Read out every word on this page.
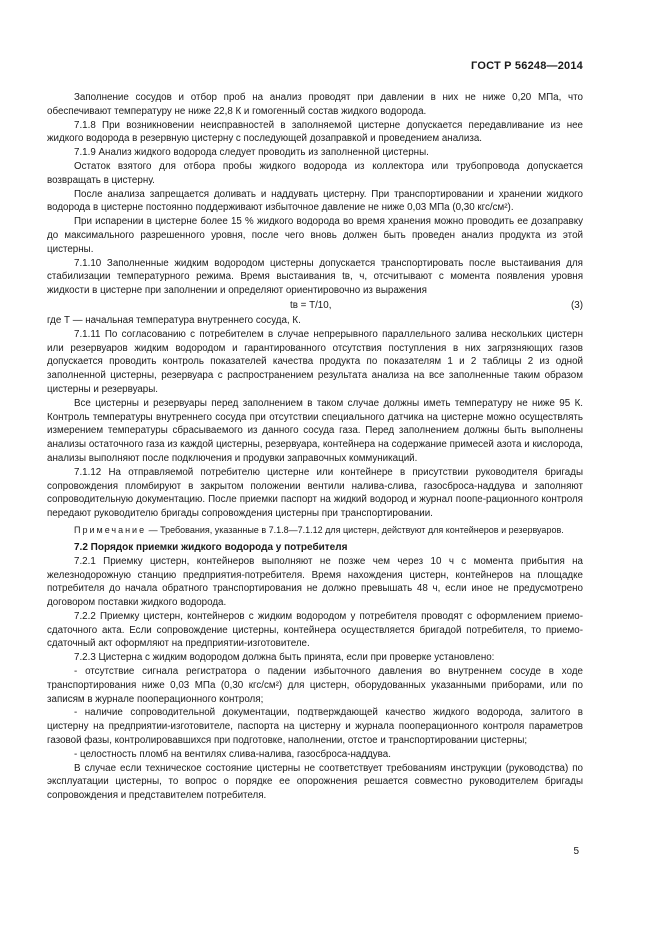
ГОСТ Р 56248—2014

Заполнение сосудов и отбор проб на анализ проводят при давлении в них не ниже 0,20 МПа, что обеспечивают температуру не ниже 22,8 К и гомогенный состав жидкого водорода.

7.1.8 При возникновении неисправностей в заполняемой цистерне допускается передавливание из нее жидкого водорода в резервную цистерну с последующей дозаправкой и проведением анализа.

7.1.9 Анализ жидкого водорода следует проводить из заполненной цистерны.

Остаток взятого для отбора пробы жидкого водорода из коллектора или трубопровода допускается возвращать в цистерну.

После анализа запрещается доливать и наддувать цистерну. При транспортировании и хранении жидкого водорода в цистерне постоянно поддерживают избыточное давление не ниже 0,03 МПа (0,30 кгс/см²).

При испарении в цистерне более 15 % жидкого водорода во время хранения можно проводить ее дозаправку до максимального разрешенного уровня, после чего вновь должен быть проведен анализ продукта из этой цистерны.

7.1.10 Заполненные жидким водородом цистерны допускается транспортировать после выстаивания для стабилизации температурного режима. Время выстаивания tв, ч, отсчитывают с момента появления уровня жидкости в цистерне при заполнении и определяют ориентировочно из выражения

tв = T/10,	(3)

где Т — начальная температура внутреннего сосуда, К.

7.1.11 По согласованию с потребителем в случае непрерывного параллельного залива нескольких цистерн или резервуаров жидким водородом и гарантированного отсутствия поступления в них загрязняющих газов допускается проводить контроль показателей качества продукта по показателям 1 и 2 таблицы 2 из одной заполненной цистерны, резервуара с распространением результата анализа на все заполненные таким образом цистерны и резервуары.

Все цистерны и резервуары перед заполнением в таком случае должны иметь температуру не ниже 95 К. Контроль температуры внутреннего сосуда при отсутствии специального датчика на цистерне можно осуществлять измерением температуры сбрасываемого из данного сосуда газа. Перед заполнением должны быть выполнены анализы остаточного газа из каждой цистерны, резервуара, контейнера на содержание примесей азота и кислорода, анализы выполняют после подключения и продувки заправочных коммуникаций.

7.1.12 На отправляемой потребителю цистерне или контейнере в присутствии руководителя бригады сопровождения пломбируют в закрытом положении вентили налива-слива, газосброса-наддува и заполняют сопроводительную документацию. После приемки паспорт на жидкий водород и журнал поопе-рационного контроля передают руководителю бригады сопровождения цистерны при транспортировании.

Примечание — Требования, указанные в 7.1.8—7.1.12 для цистерн, действуют для контейнеров и резервуаров.

7.2 Порядок приемки жидкого водорода у потребителя

7.2.1 Приемку цистерн, контейнеров выполняют не позже чем через 10 ч с момента прибытия на железнодорожную станцию предприятия-потребителя. Время нахождения цистерн, контейнеров на площадке потребителя до начала обратного транспортирования не должно превышать 48 ч, если иное не предусмотрено договором поставки жидкого водорода.

7.2.2 Приемку цистерн, контейнеров с жидким водородом у потребителя проводят с оформлением приемо-сдаточного акта. Если сопровождение цистерны, контейнера осуществляется бригадой потребителя, то приемо-сдаточный акт оформляют на предприятии-изготовителе.

7.2.3 Цистерна с жидким водородом должна быть принята, если при проверке установлено:

- отсутствие сигнала регистратора о падении избыточного давления во внутреннем сосуде в ходе транспортирования ниже 0,03 МПа (0,30 кгс/см²) для цистерн, оборудованных указанными приборами, или по записям в журнале пооперационного контроля;

- наличие сопроводительной документации, подтверждающей качество жидкого водорода, залитого в цистерну на предприятии-изготовителе, паспорта на цистерну и журнала пооперационного контроля параметров газовой фазы, контролировавшихся при подготовке, наполнении, отстое и транспортировании цистерны;

- целостность пломб на вентилях слива-налива, газосброса-наддува.

В случае если техническое состояние цистерны не соответствует требованиям инструкции (руководства) по эксплуатации цистерны, то вопрос о порядке ее опорожнения решается совместно руководителем бригады сопровождения и представителем потребителя.

5
